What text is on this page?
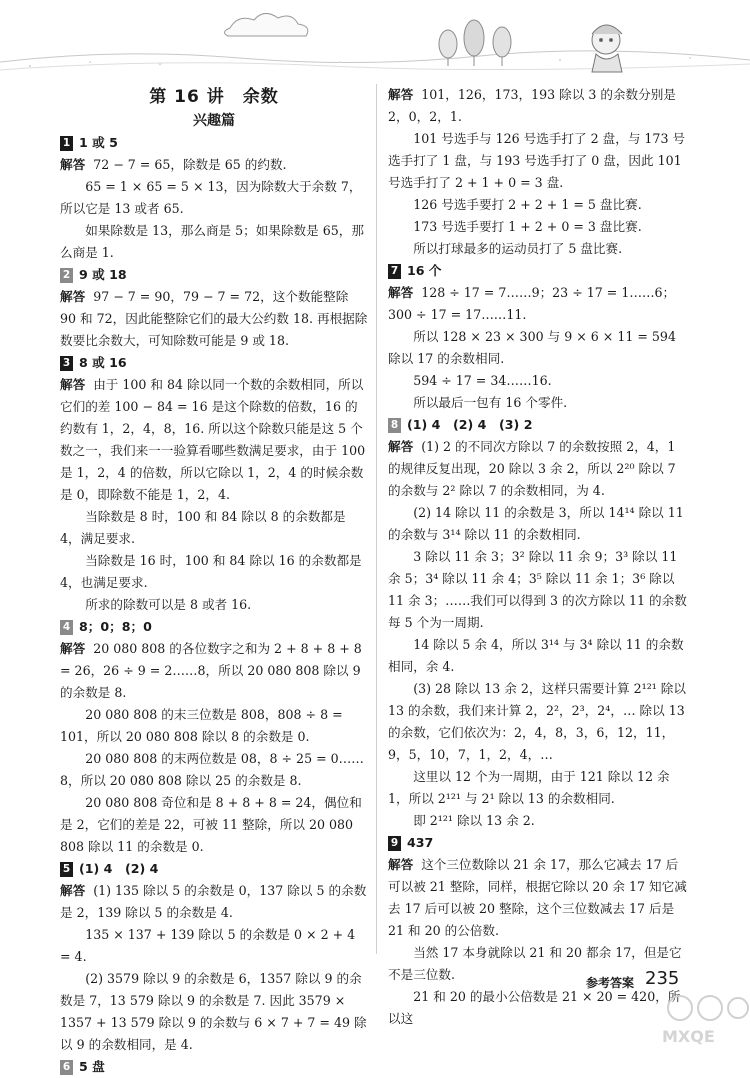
第 16 讲　余数
兴趣篇
1 1 或 5

解答 72 − 7 = 65，除数是 65 的约数.

65 = 1 × 65 = 5 × 13，因为除数大于余数 7，所以它是 13 或者 65.

如果除数是 13，那么商是 5；如果除数是 65，那么商是 1.

2 9 或 18

解答 97 − 7 = 90，79 − 7 = 72，这个数能整除 90 和 72，因此能整除它们的最大公约数 18. 再根据除数要比余数大，可知除数可能是 9 或 18.

3 8 或 16

解答 由于 100 和 84 除以同一个数的余数相同，所以它们的差 100 − 84 = 16 是这个除数的倍数，16 的约数有 1，2，4，8，16. 所以这个除数只能是这 5 个数之一，我们来一一验算看哪些数满足要求，由于 100 是 1，2，4 的倍数，所以它除以 1，2，4 的时候余数是 0，即除数不能是 1，2，4.

当除数是 8 时，100 和 84 除以 8 的余数都是 4，满足要求.

当除数是 16 时，100 和 84 除以 16 的余数都是 4，也满足要求.

所求的除数可以是 8 或者 16.

4 8；0；8；0

解答 20 080 808 的各位数字之和为 2 + 8 + 8 + 8 = 26，26 ÷ 9 = 2……8，所以 20 080 808 除以 9 的余数是 8.

20 080 808 的末三位数是 808，808 ÷ 8 = 101，所以 20 080 808 除以 8 的余数是 0.

20 080 808 的末两位数是 08，8 ÷ 25 = 0……8，所以 20 080 808 除以 25 的余数是 8.

20 080 808 奇位和是 8 + 8 + 8 = 24，偶位和是 2，它们的差是 22，可被 11 整除，所以 20 080 808 除以 11 的余数是 0.

5 (1) 4　(2) 4

解答 (1) 135 除以 5 的余数是 0，137 除以 5 的余数是 2，139 除以 5 的余数是 4.

135 × 137 + 139 除以 5 的余数是 0 × 2 + 4 = 4.

(2) 3579 除以 9 的余数是 6，1357 除以 9 的余数是 7，13 579 除以 9 的余数是 7. 因此 3579 × 1357 + 13 579 除以 9 的余数与 6 × 7 + 7 = 49 除以 9 的余数相同，是 4.

6 5 盘

解答 101，126，173，193 除以 3 的余数分别是 2，0，2，1.

101 号选手与 126 号选手打了 2 盘，与 173 号选手打了 1 盘，与 193 号选手打了 0 盘，因此 101 号选手打了 2 + 1 + 0 = 3 盘.

126 号选手要打 2 + 2 + 1 = 5 盘比赛.

173 号选手要打 1 + 2 + 0 = 3 盘比赛.

所以打球最多的运动员打了 5 盘比赛.

7 16 个

解答 128 ÷ 17 = 7……9；23 ÷ 17 = 1……6；300 ÷ 17 = 17……11.

所以 128 × 23 × 300 与 9 × 6 × 11 = 594 除以 17 的余数相同.

594 ÷ 17 = 34……16.

所以最后一包有 16 个零件.

8 (1) 4　(2) 4　(3) 2

解答 (1) 2 的不同次方除以 7 的余数按照 2，4，1 的规律反复出现，20 除以 3 余 2，所以 2²⁰ 除以 7 的余数与 2² 除以 7 的余数相同，为 4.

(2) 14 除以 11 的余数是 3，所以 14¹⁴ 除以 11 的余数与 3¹⁴ 除以 11 的余数相同.

3 除以 11 余 3；3² 除以 11 余 9；3³ 除以 11 余 5；3⁴ 除以 11 余 4；3⁵ 除以 11 余 1；3⁶ 除以 11 余 3；……我们可以得到 3 的次方除以 11 的余数每 5 个为一周期.

14 除以 5 余 4，所以 3¹⁴ 与 3⁴ 除以 11 的余数相同，余 4.

(3) 28 除以 13 余 2，这样只需要计算 2¹²¹ 除以 13 的余数，我们来计算 2，2²，2³，2⁴，… 除以 13 的余数，它们依次为：2，4，8，3，6，12，11，9，5，10，7，1，2，4，…

这里以 12 个为一周期，由于 121 除以 12 余 1，所以 2¹²¹ 与 2¹ 除以 13 的余数相同.

即 2¹²¹ 除以 13 余 2.

9 437

解答 这个三位数除以 21 余 17，那么它减去 17 后可以被 21 整除，同样，根据它除以 20 余 17 知它减去 17 后可以被 20 整除，这个三位数减去 17 后是 21 和 20 的公倍数.

当然 17 本身就除以 21 和 20 都余 17，但是它不是三位数.

21 和 20 的最小公倍数是 21 × 20 = 420，所以这

参考答案 235
MXQE
